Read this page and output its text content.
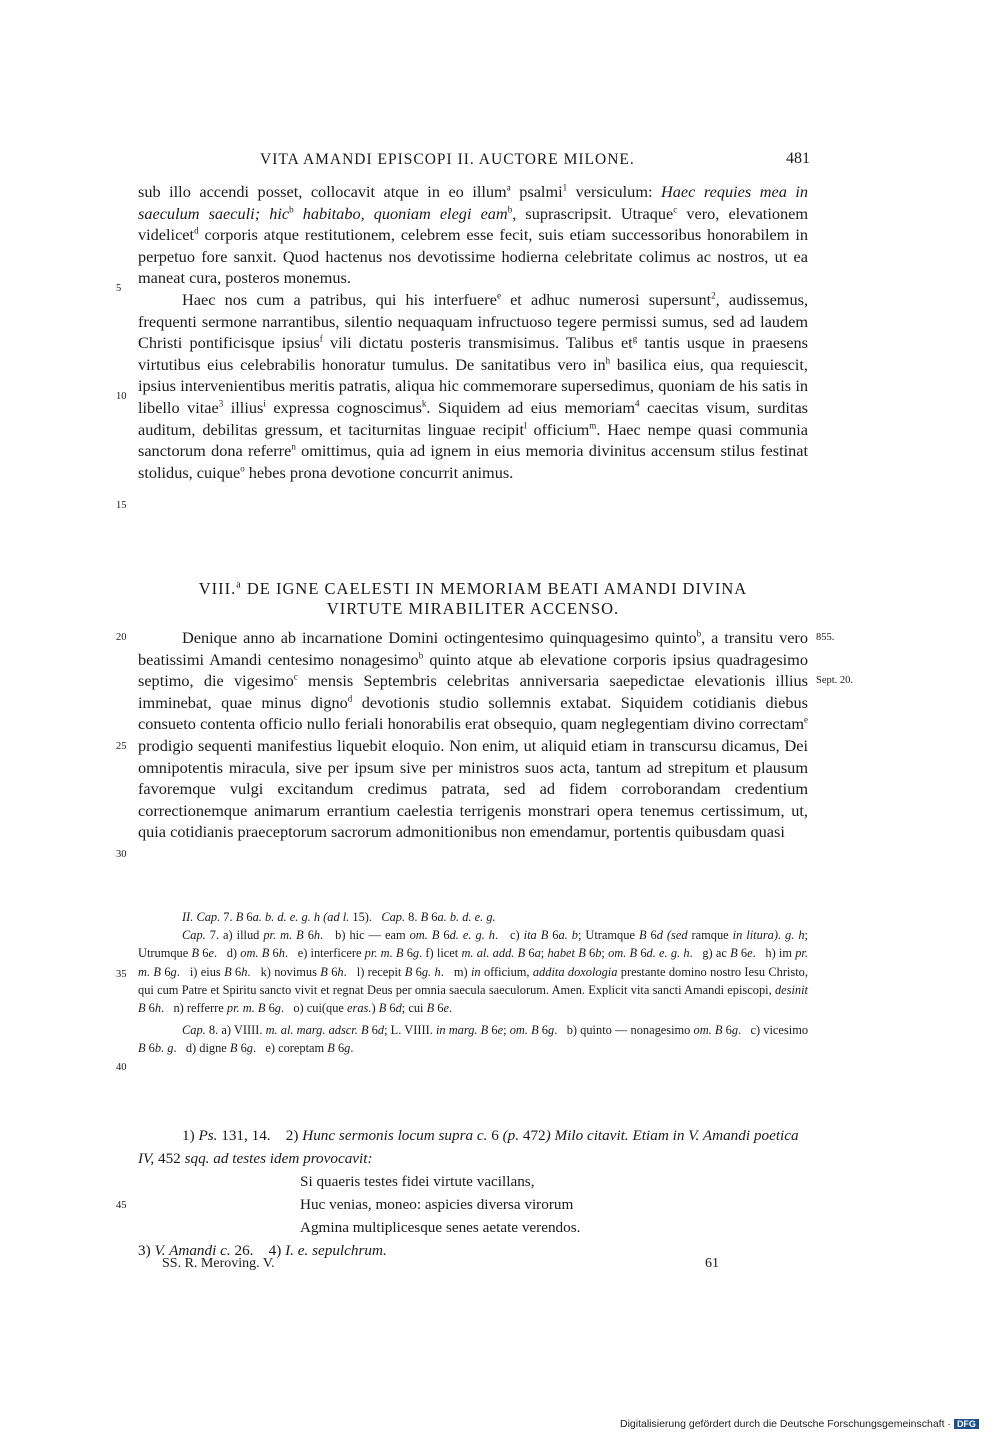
VITA AMANDI EPISCOPI II. AUCTORE MILONE.	481

sub illo accendi posset, collocavit atque in eo illum$^a$ psalmi$^1$ versiculum: Haec requies mea in saeculum saeculi; hic$^b$ habitabo, quoniam elegi eam$^b$, suprascripsit. Utraque$^c$ vero, elevationem videlicet$^d$ corporis atque restitutionem, celebrem esse fecit, suis etiam successoribus honorabilem in perpetuo fore sanxit. Quod hactenus nos devotissime hodierna celebritate colimus ac nostros, ut ea maneat cura, posteros monemus.

Haec nos cum a patribus, qui his interfuere$^e$ et adhuc numerosi supersunt$^2$, audissemus, frequenti sermone narrantibus, silentio nequaquam infructuoso tegere permissi sumus, sed ad laudem Christi pontificisque ipsius$^f$ vili dictatu posteris transmisimus. Talibus $et^g$ tantis usque in praesens virtutibus eius celebrabilis honoratur tumulus. De sanitatibus vero $in^h$ basilica eius, qua requiescit, ipsius intervenientibus meritis patratis, aliqua hic commemorare supersedimus, quoniam de his satis in libello vitae$^3$ illius$^i$ expressa cognoscimus$^k$. Siquidem ad eius memoriam$^4$ caecitas visum, surditas auditum, debilitas gressum, et taciturnitas linguae recipit$^l$ officium$^m$. Haec nempe quasi communia sanctorum dona referre$^n$ omittimus, quia ad ignem in eius memoria divinitus accensum stilus festinat stolidus, cuique$^o$ hebes prona devotione concurrit animus.

5
10
15
20
25
30
35
40
45
VIII.$^a$ DE IGNE CAELESTI IN MEMORIAM BEATI AMANDI DIVINA
VIRTUTE MIRABILITER ACCENSO.
855.
Sept. 20.

Denique anno ab incarnatione Domini octingentesimo quinquagesimo quinto$^b$, a transitu vero beatissimi Amandi centesimo nonagesimo$^b$ quinto atque ab elevatione corporis ipsius quadragesimo septimo, die vigesimo$^c$ mensis Septembris celebritas anniversaria saepedictae elevationis illius imminebat, quae minus digno$^d$ devotionis studio sollemnis extabat. Siquidem cotidianis diebus consueto contenta officio nullo feriali honorabilis erat obsequio, quam neglegentiam divino correctam$^e$ prodigio sequenti manifestius liquebit eloquio. Non enim, ut aliquid etiam in transcursu dicamus, Dei omnipotentis miracula, sive per ipsum sive per ministros suos acta, tantum ad strepitum et plausum favoremque vulgi excitandum credimus patrata, sed ad fidem corroborandam credentium correctionemque animarum errantium caelestia terrigenis monstrari opera tenemus certissimum, ut, quia cotidianis praeceptorum sacrorum admonitionibus non emendamur, portentis quibusdam quasi

II. Cap. 7. B 6a. b. d. e. g. h (ad l. 15).   Cap. 8. B 6a. b. d. e. g.

Cap. 7. a) illud pr. m. B 6h.   b) hic — eam om. B 6d. e. g. h.   c) ita B 6a. b; Utramque B 6d (sed ramque in litura). g. h; Utrumque B 6e.   d) om. B 6h.   e) interficere pr. m. B 6g. f) licet m. al. add. B 6a; habet B 6b; om. B 6d. e. g. h.   g) ac B 6e.   h) im pr. m. B 6g.   i) eius B 6h.   k) novimus B 6h.   l) recepit B 6g. h.   m) in officium, addita doxologia prestante domino nostro Iesu Christo, qui cum Patre et Spiritu sancto vivit et regnat Deus per omnia saecula saeculorum. Amen. Explicit vita sancti Amandi episcopi, desinit B 6h.   n) refferre pr. m. B 6g.   o) cui(que eras.) B 6d; cui B 6e.

Cap. 8. a) VIIII. m. al. marg. adscr. B 6d; L. VIIII. in marg. B 6e; om. B 6g.   b) quinto — nonagesimo om. B 6g.   c) vicesimo B 6b. g.   d) digne B 6g.   e) coreptam B 6g.

1) Ps. 131, 14.    2) Hunc sermonis locum supra c. 6 (p. 472) Milo citavit. Etiam in V. Amandi poetica IV, 452 sqq. ad testes idem provocavit:

Si quaeris testes fidei virtute vacillans,

Huc venias, moneo: aspicies diversa virorum

Agmina multiplicesque senes aetate verendos.

3) V. Amandi c. 26.    4) I. e. sepulchrum.

SS. R. Meroving. V.	61
Digitalisierung gefördert durch die Deutsche Forschungsgemeinschaft · DFG
